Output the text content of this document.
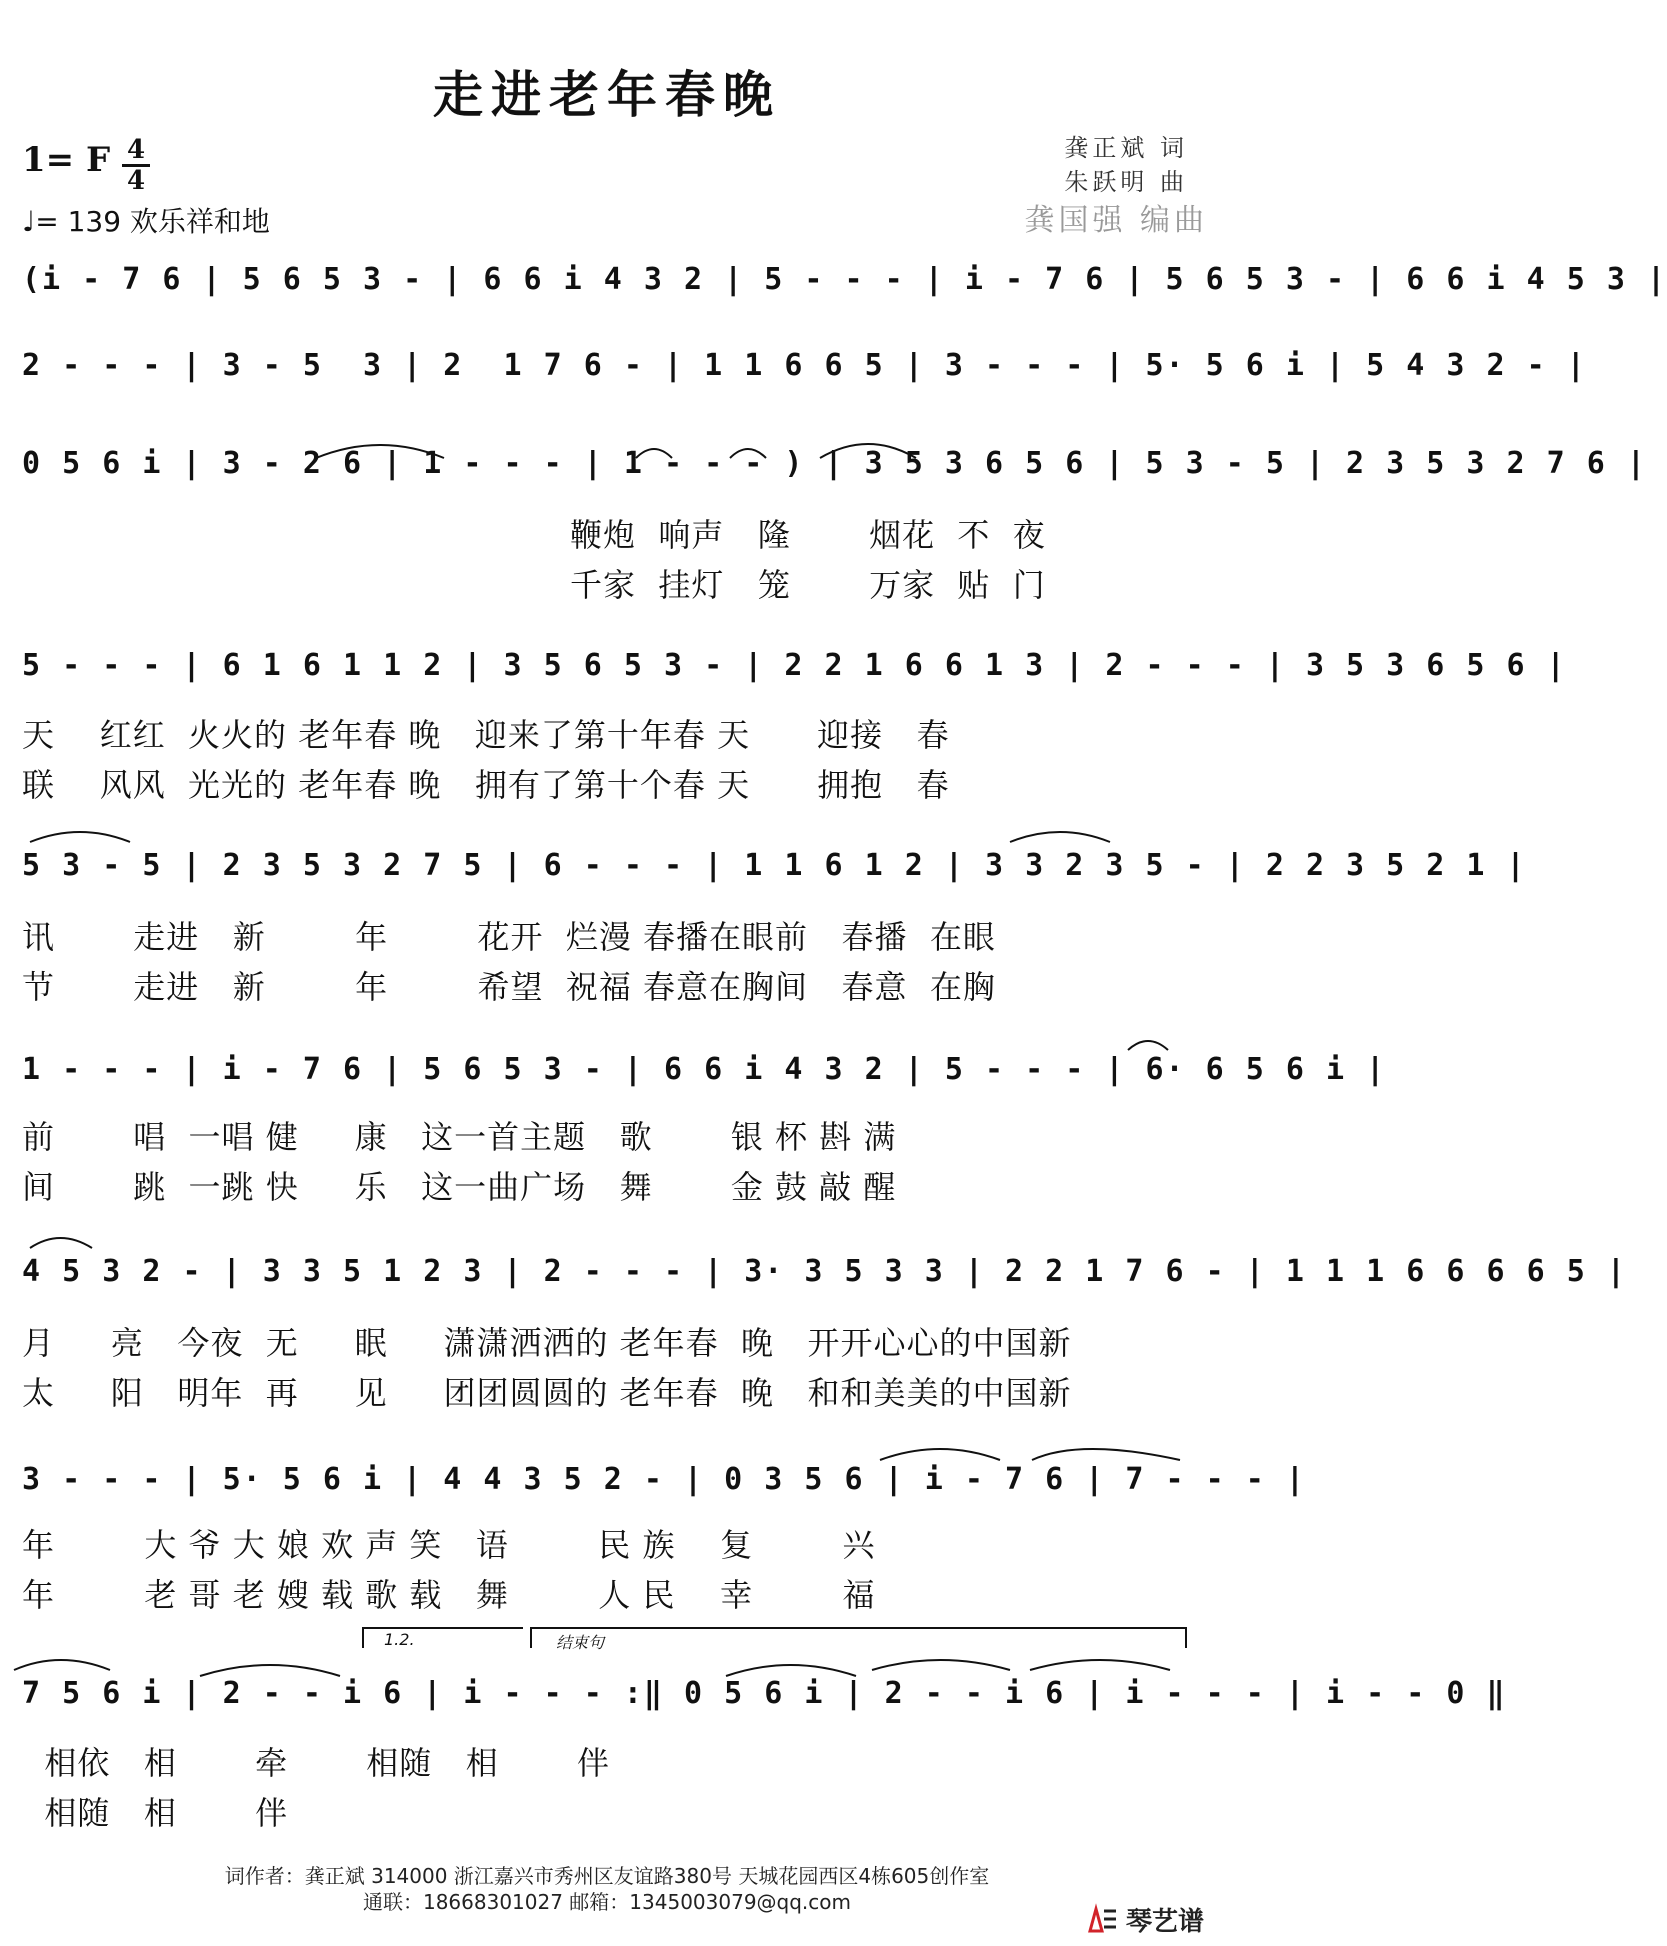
走进老年春晚
1= F 4
4
♩= 139 欢乐祥和地
龚正斌 词
朱跃明 曲
龚国强 编曲
(i - 7 6 | 5 6 5 3 - | 6 6 i 4 3 2 | 5 - - - | i - 7 6 | 5 6 5 3 - | 6 6 i 4 5 3 |
2 - - - | 3 - 5  3 | 2  1 7 6 - | 1 1 6 6 5 | 3 - - - | 5· 5 6 i | 5 4 3 2 - |
0 5 6 i | 3 - 2 6 | 1 - - - | 1 - - - ) | 3 5 3 6 5 6 | 5 3 - 5 | 2 3 5 3 2 7 6 |
5 - - - | 6 1 6 1 1 2 | 3 5 6 5 3 - | 2 2 1 6 6 1 3 | 2 - - - | 3 5 3 6 5 6 |
5 3 - 5 | 2 3 5 3 2 7 5 | 6 - - - | 1 1 6 1 2 | 3 3 2 3 5 - | 2 2 3 5 2 1 |
1 - - - | i - 7 6 | 5 6 5 3 - | 6 6 i 4 3 2 | 5 - - - | 6· 6 5 6 i |
4 5 3 2 - | 3 3 5 1 2 3 | 2 - - - | 3· 3 5 3 3 | 2 2 1 7 6 - | 1 1 1 6 6 6 6 5 |
3 - - - | 5· 5 6 i | 4 4 3 5 2 - | 0 3 5 6 | i - 7 6 | 7 - - - |
7 5 6 i | 2 - - i 6 | i - - - :‖ 0 5 6 i | 2 - - i 6 | i - - - | i - - 0 ‖
1.2.	结束句
鞭炮  响声   隆       烟花  不  夜
千家  挂灯   笼       万家  贴  门
天    红红  火火的 老年春 晚   迎来了第十年春 天      迎接   春
联    风风  光光的 老年春 晚   拥有了第十个春 天      拥抱   春
讯       走进   新        年        花开  烂漫 春播在眼前   春播  在眼
节       走进   新        年        希望  祝福 春意在胸间   春意  在胸
前       唱  一唱 健     康   这一首主题   歌       银 杯 斟 满
间       跳  一跳 快     乐   这一曲广场   舞       金 鼓 敲 醒
月     亮   今夜  无     眠     潇潇洒洒的 老年春  晚   开开心心的中国新
太     阳   明年  再     见     团团圆圆的 老年春  晚   和和美美的中国新
年        大 爷 大 娘 欢 声 笑   语        民 族    复        兴
年        老 哥 老 嫂 载 歌 载   舞        人 民    幸        福
相依   相       牵       相随   相       伴
相随   相       伴
词作者：龚正斌 314000 浙江嘉兴市秀州区友谊路380号 天城花园西区4栋605创作室
通联：18668301027 邮箱：1345003079@qq.com
琴艺谱
